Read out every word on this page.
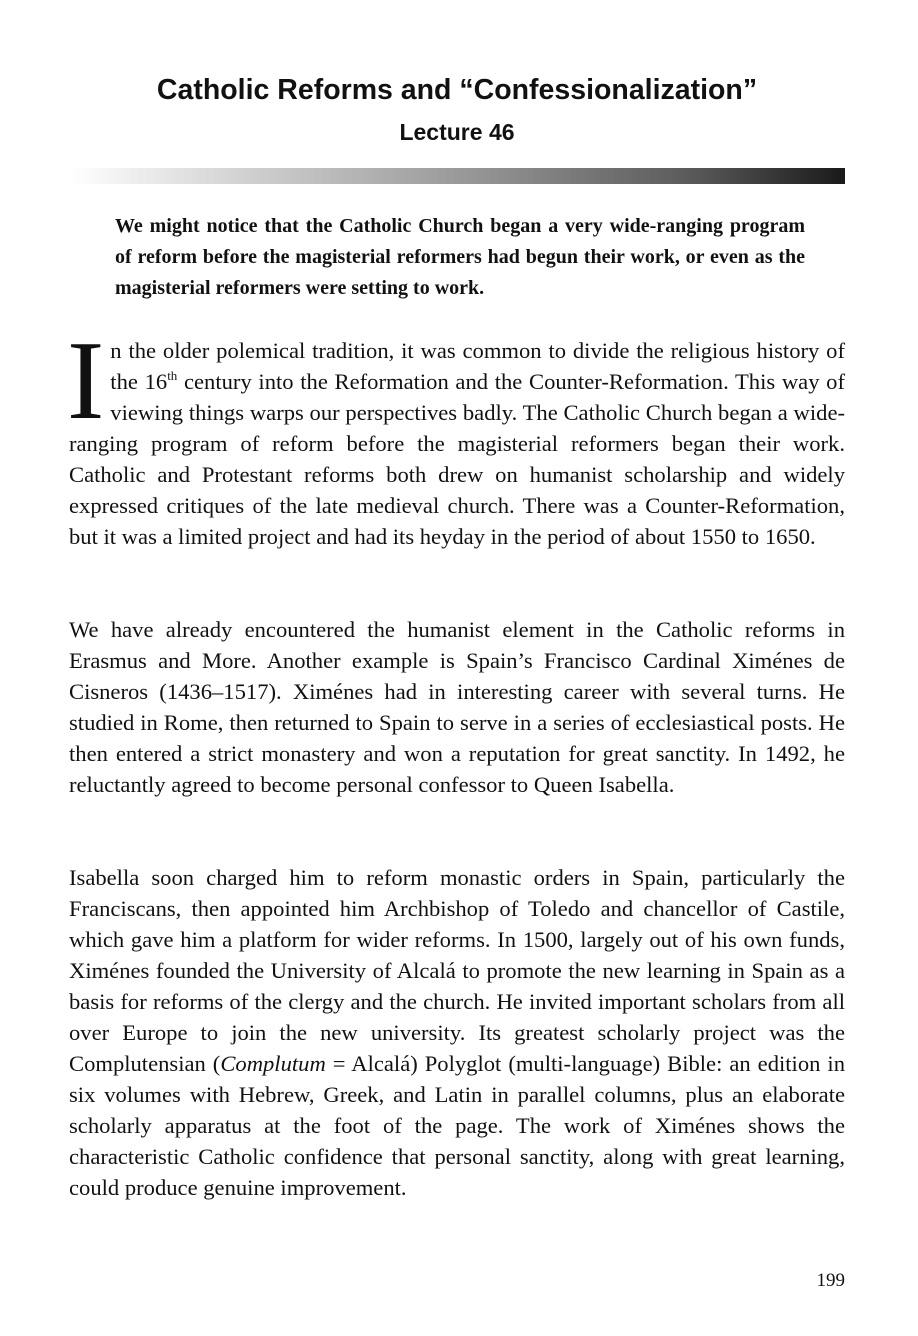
Catholic Reforms and “Confessionalization”
Lecture 46

We might notice that the Catholic Church began a very wide-ranging program of reform before the magisterial reformers had begun their work, or even as the magisterial reformers were setting to work.

In the older polemical tradition, it was common to divide the religious history of the 16th century into the Reformation and the Counter-Reformation. This way of viewing things warps our perspectives badly. The Catholic Church began a wide-ranging program of reform before the magisterial reformers began their work. Catholic and Protestant reforms both drew on humanist scholarship and widely expressed critiques of the late medieval church. There was a Counter-Reformation, but it was a limited project and had its heyday in the period of about 1550 to 1650.

We have already encountered the humanist element in the Catholic reforms in Erasmus and More. Another example is Spain’s Francisco Cardinal Ximénes de Cisneros (1436–1517). Ximénes had in interesting career with several turns. He studied in Rome, then returned to Spain to serve in a series of ecclesiastical posts. He then entered a strict monastery and won a reputation for great sanctity. In 1492, he reluctantly agreed to become personal confessor to Queen Isabella.

Isabella soon charged him to reform monastic orders in Spain, particularly the Franciscans, then appointed him Archbishop of Toledo and chancellor of Castile, which gave him a platform for wider reforms. In 1500, largely out of his own funds, Ximénes founded the University of Alcalá to promote the new learning in Spain as a basis for reforms of the clergy and the church. He invited important scholars from all over Europe to join the new university. Its greatest scholarly project was the Complutensian (Complutum = Alcalá) Polyglot (multi-language) Bible: an edition in six volumes with Hebrew, Greek, and Latin in parallel columns, plus an elaborate scholarly apparatus at the foot of the page. The work of Ximénes shows the characteristic Catholic confidence that personal sanctity, along with great learning, could produce genuine improvement.

199
